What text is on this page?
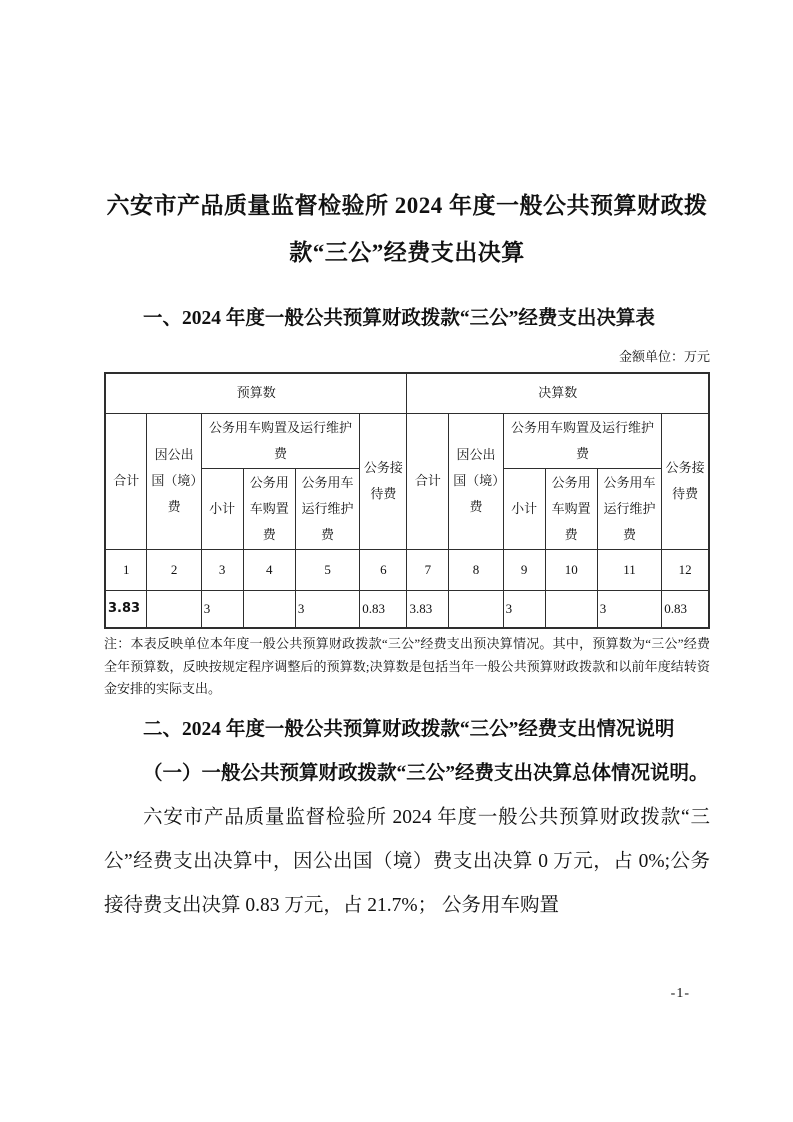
六安市产品质量监督检验所 2024 年度一般公共预算财政拨款“三公”经费支出决算
一、2024 年度一般公共预算财政拨款“三公”经费支出决算表
金额单位：万元
预算数						决算数					
合计	因公出国（境）费	公务用车购置及运行维护费			公务接待费	合计	因公出国（境）费	公务用车购置及运行维护费			公务接待费
		小计	公务用车购置费	公务用车运行维护费				小计	公务用车购置费	公务用车运行维护费	
1	2	3	4	5	6	7	8	9	10	11	12
3.83		3		3	0.83	3.83		3		3	0.83
注：本表反映单位本年度一般公共预算财政拨款“三公”经费支出预决算情况。其中，预算数为“三公”经费全年预算数，反映按规定程序调整后的预算数;决算数是包括当年一般公共预算财政拨款和以前年度结转资金安排的实际支出。
二、2024 年度一般公共预算财政拨款“三公”经费支出情况说明
（一）一般公共预算财政拨款“三公”经费支出决算总体情况说明。
六安市产品质量监督检验所 2024 年度一般公共预算财政拨款“三公”经费支出决算中，因公出国（境）费支出决算 0 万元，占 0%;公务接待费支出决算 0.83 万元，占 21.7%； 公务用车购置
-1-
